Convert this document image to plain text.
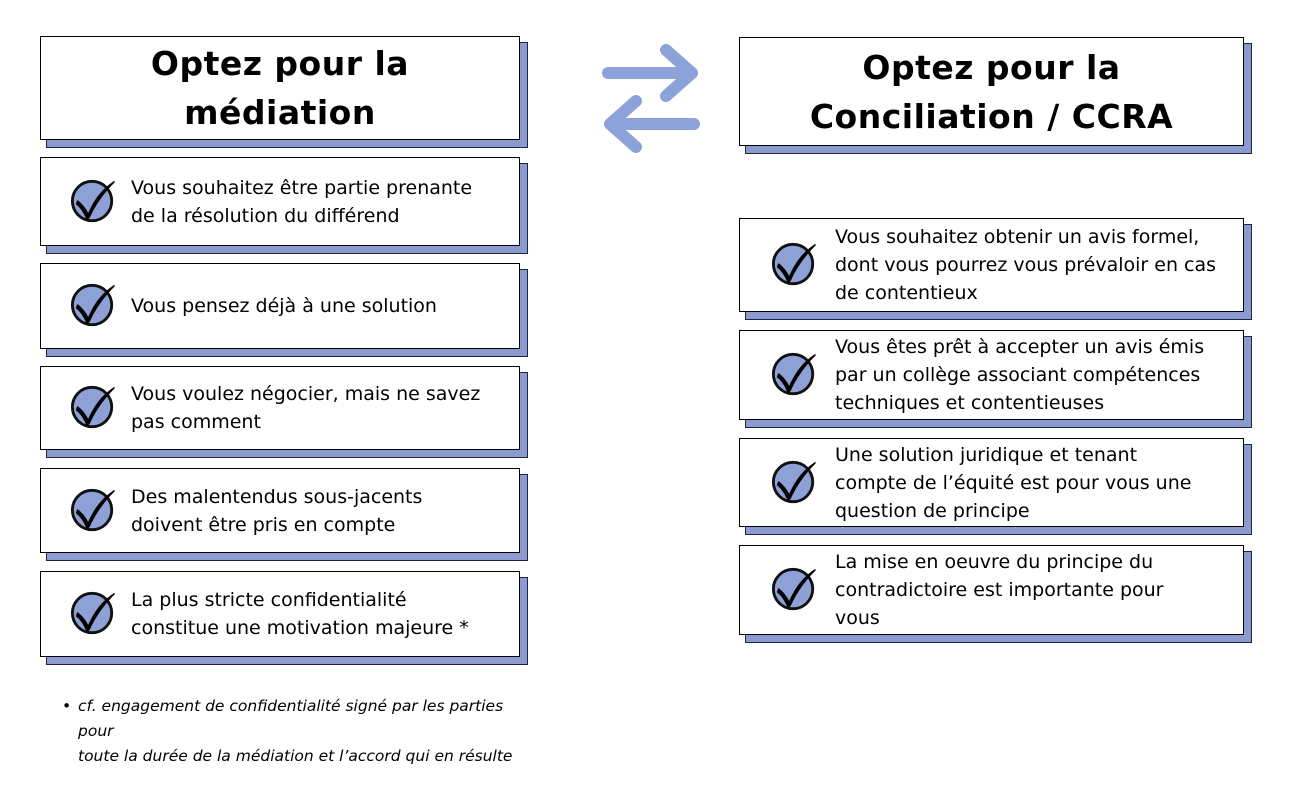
Optez pour la
médiation
Optez pour la
Conciliation / CCRA
Vous souhaitez être partie prenante
de la résolution du différend
Vous pensez déjà à une solution
Vous voulez négocier, mais ne savez
pas comment
Des malentendus sous-jacents
doivent être pris en compte
La plus stricte confidentialité
constitue une motivation majeure *
Vous souhaitez obtenir un avis formel,
dont vous pourrez vous prévaloir en cas
de contentieux
Vous êtes prêt à accepter un avis émis
par un collège associant compétences
techniques et contentieuses
Une solution juridique et tenant
compte de l’équité est pour vous une
question de principe
La mise en oeuvre du principe du
contradictoire est importante pour
vous
• cf. engagement de confidentialité signé par les parties pour
toute la durée de la médiation et l’accord qui en résulte
